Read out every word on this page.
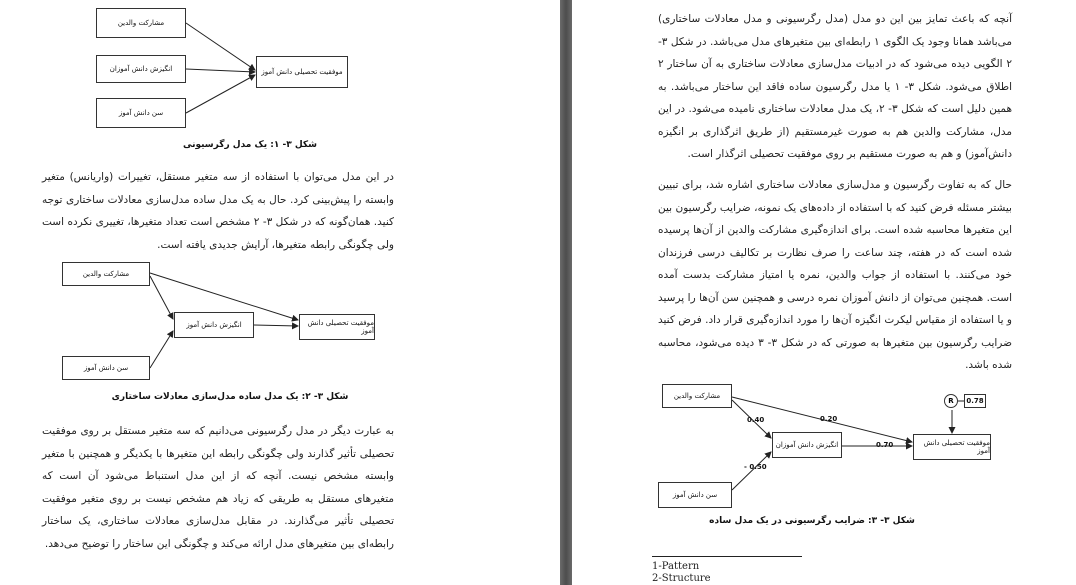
مشارکت والدین
انگیزش دانش آموزان
سن دانش آموز
موفقیت تحصیلی دانش آموز
شکل ۳- ۱: یک مدل رگرسیونی

در این مدل می‌توان با استفاده از سه متغیر مستقل، تغییرات (واریانس) متغیر وابسته را پیش‌بینی کرد. حال به یک مدل ساده مدل‌سازی معادلات ساختاری توجه کنید. همان‌گونه که در شکل ۳- ۲ مشخص است تعداد متغیرها، تغییری نکرده است ولی چگونگی رابطه متغیرها، آرایش جدیدی یافته است.

مشارکت والدین
انگیزش دانش آموز
سن دانش آموز
موفقیت تحصیلی دانش آموز
شکل ۳- ۲: یک مدل ساده مدل‌سازی معادلات ساختاری

به عبارت دیگر در مدل رگرسیونی می‌دانیم که سه متغیر مستقل بر روی موفقیت تحصیلی تأثیر گذارند ولی چگونگی رابطه این متغیرها با یکدیگر و همچنین با متغیر وابسته مشخص نیست. آنچه که از این مدل استنباط می‌شود آن است که متغیرهای مستقل به طریقی که زیاد هم مشخص نیست بر روی متغیر موفقیت تحصیلی تأثیر می‌گذارند. در مقابل مدل‌سازی معادلات ساختاری، یک ساختار رابطه‌ای بین متغیرهای مدل ارائه می‌کند و چگونگی این ساختار را توضیح می‌دهد.

آنچه که باعث تمایز بین این دو مدل (مدل رگرسیونی و مدل معادلات ساختاری) می‌باشد همانا وجود یک الگوی ۱ رابطه‌ای بین متغیرهای مدل می‌باشد. در شکل ۳- ۲ الگویی دیده می‌شود که در ادبیات مدل‌سازی معادلات ساختاری به آن ساختار ۲ اطلاق می‌شود. شکل ۳- ۱ یا مدل رگرسیون ساده فاقد این ساختار می‌باشد. به همین دلیل است که شکل ۳- ۲، یک مدل معادلات ساختاری نامیده می‌شود. در این مدل، مشارکت والدین هم به صورت غیرمستقیم (از طریق اثرگذاری بر انگیزه دانش‌آموز) و هم به صورت مستقیم بر روی موفقیت تحصیلی اثرگذار است.

حال که به تفاوت رگرسیون و مدل‌سازی معادلات ساختاری اشاره شد، برای تبیین بیشتر مسئله فرض کنید که با استفاده از داده‌های یک نمونه، ضرایب رگرسیون بین این متغیرها محاسبه شده است. برای اندازه‌گیری مشارکت والدین از آن‌ها پرسیده شده است که در هفته، چند ساعت را صرف نظارت بر تکالیف درسی فرزندان خود می‌کنند. با استفاده از جواب والدین، نمره یا امتیاز مشارکت بدست آمده است. همچنین می‌توان از دانش آموزان نمره درسی و همچنین سن آن‌ها را پرسید و یا استفاده از مقیاس لیکرت انگیزه آن‌ها را مورد اندازه‌گیری قرار داد. فرض کنید ضرایب رگرسیون بین متغیرها به صورتی که در شکل ۳- ۳ دیده می‌شود، محاسبه شده باشد.

مشارکت والدین
انگیزش دانش آموزان
سن دانش آموز
موفقیت تحصیلی دانش آموز
0.40	0.20
0.70
- 0.50
R	0.78
شکل ۳- ۳: ضرایب رگرسیونی در یک مدل ساده
1-Pattern
2-Structure
